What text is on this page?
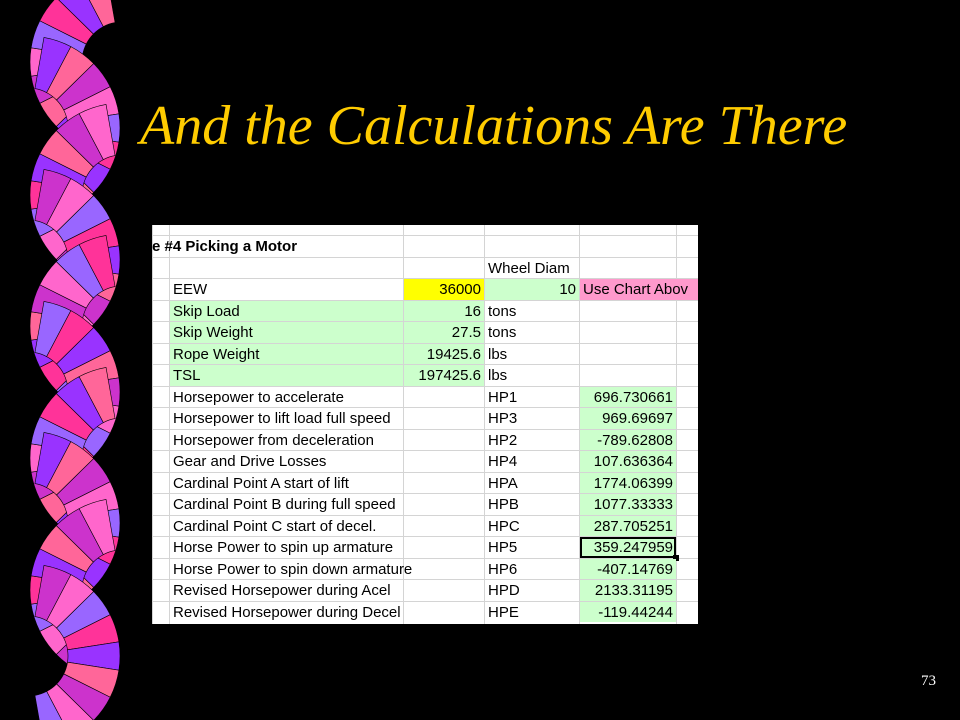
And the Calculations Are There
e #4 Picking a Motor
Wheel Diam
EEW	36000	10 Use Chart Abov
Skip Load	16 tons
Skip Weight	27.5 tons
Rope Weight	19425.6 lbs
TSL	197425.6 lbs
Horsepower to accelerate	HP1	696.730661
Horsepower to lift load full speed	HP3	969.69697
Horsepower from deceleration	HP2	-789.62808
Gear and Drive Losses	HP4	107.636364
Cardinal Point A start of lift	HPA	1774.06399
Cardinal Point B during full speed	HPB	1077.33333
Cardinal Point C start of decel.	HPC	287.705251
Horse Power to spin up armature	HP5	359.247959
Horse Power to spin down armature	HP6	-407.14769
Revised Horsepower during Acel	HPD	2133.31195
Revised Horsepower during Decel	HPE	-119.44244
73
